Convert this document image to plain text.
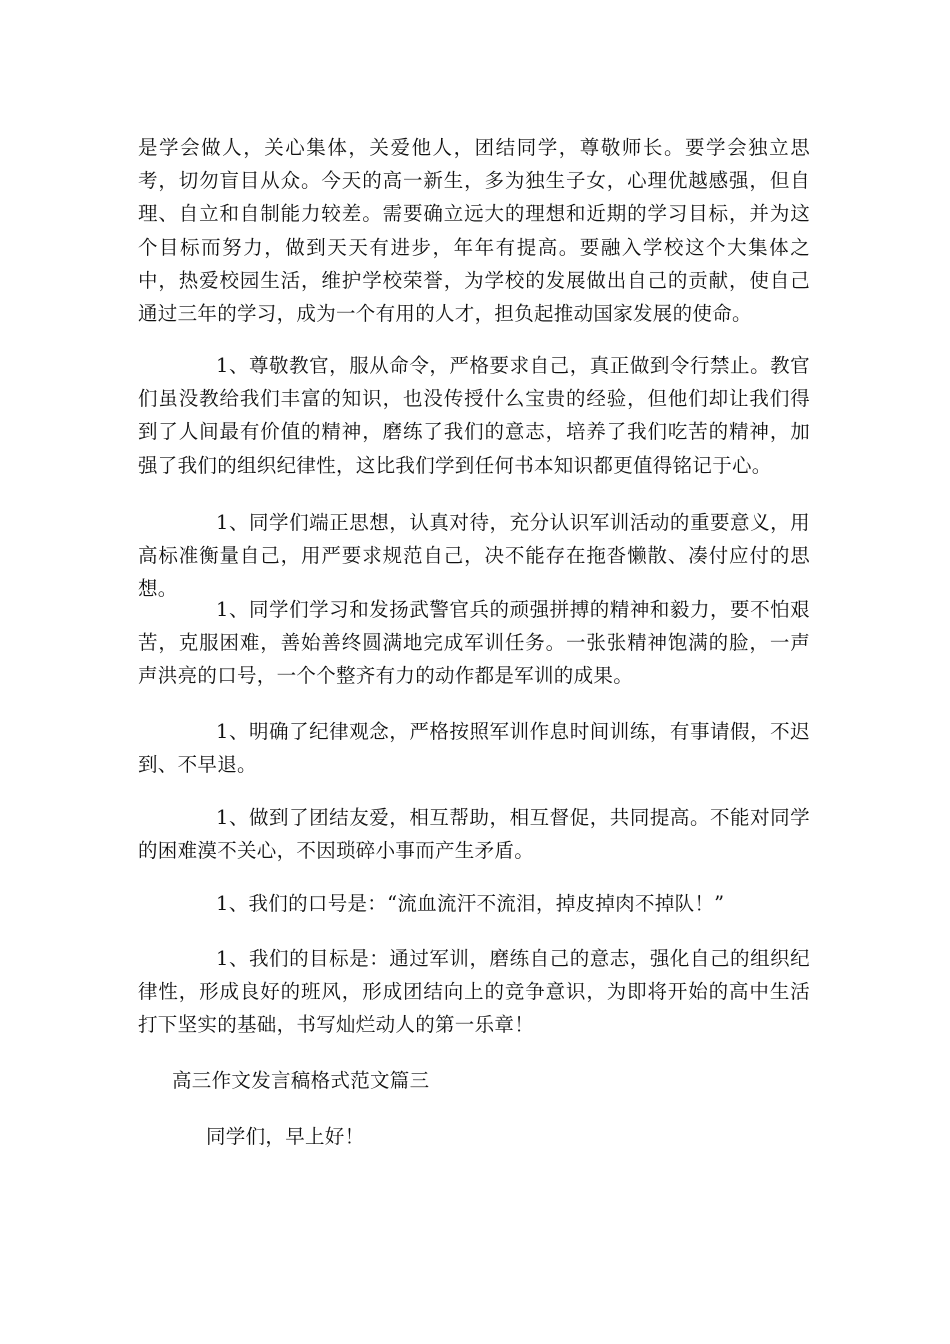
是学会做人，关心集体，关爱他人，团结同学，尊敬师长。要学会独立思考，切勿盲目从众。今天的高一新生，多为独生子女，心理优越感强，但自理、自立和自制能力较差。需要确立远大的理想和近期的学习目标，并为这个目标而努力，做到天天有进步，年年有提高。要融入学校这个大集体之中，热爱校园生活，维护学校荣誉，为学校的发展做出自己的贡献，使自己通过三年的学习，成为一个有用的人才，担负起推动国家发展的使命。

1、尊敬教官，服从命令，严格要求自己，真正做到令行禁止。教官们虽没教给我们丰富的知识，也没传授什么宝贵的经验，但他们却让我们得到了人间最有价值的精神，磨练了我们的意志，培养了我们吃苦的精神，加强了我们的组织纪律性，这比我们学到任何书本知识都更值得铭记于心。

1、同学们端正思想，认真对待，充分认识军训活动的重要意义，用高标准衡量自己，用严要求规范自己，决不能存在拖沓懒散、凑付应付的思想。

1、同学们学习和发扬武警官兵的顽强拼搏的精神和毅力，要不怕艰苦，克服困难，善始善终圆满地完成军训任务。一张张精神饱满的脸，一声声洪亮的口号，一个个整齐有力的动作都是军训的成果。

1、明确了纪律观念，严格按照军训作息时间训练，有事请假，不迟到、不早退。

1、做到了团结友爱，相互帮助，相互督促，共同提高。不能对同学的困难漠不关心，不因琐碎小事而产生矛盾。

1、我们的口号是：“流血流汗不流泪，掉皮掉肉不掉队！”

1、我们的目标是：通过军训，磨练自己的意志，强化自己的组织纪律性，形成良好的班风，形成团结向上的竞争意识，为即将开始的高中生活打下坚实的基础，书写灿烂动人的第一乐章！

高三作文发言稿格式范文篇三

同学们，早上好！
